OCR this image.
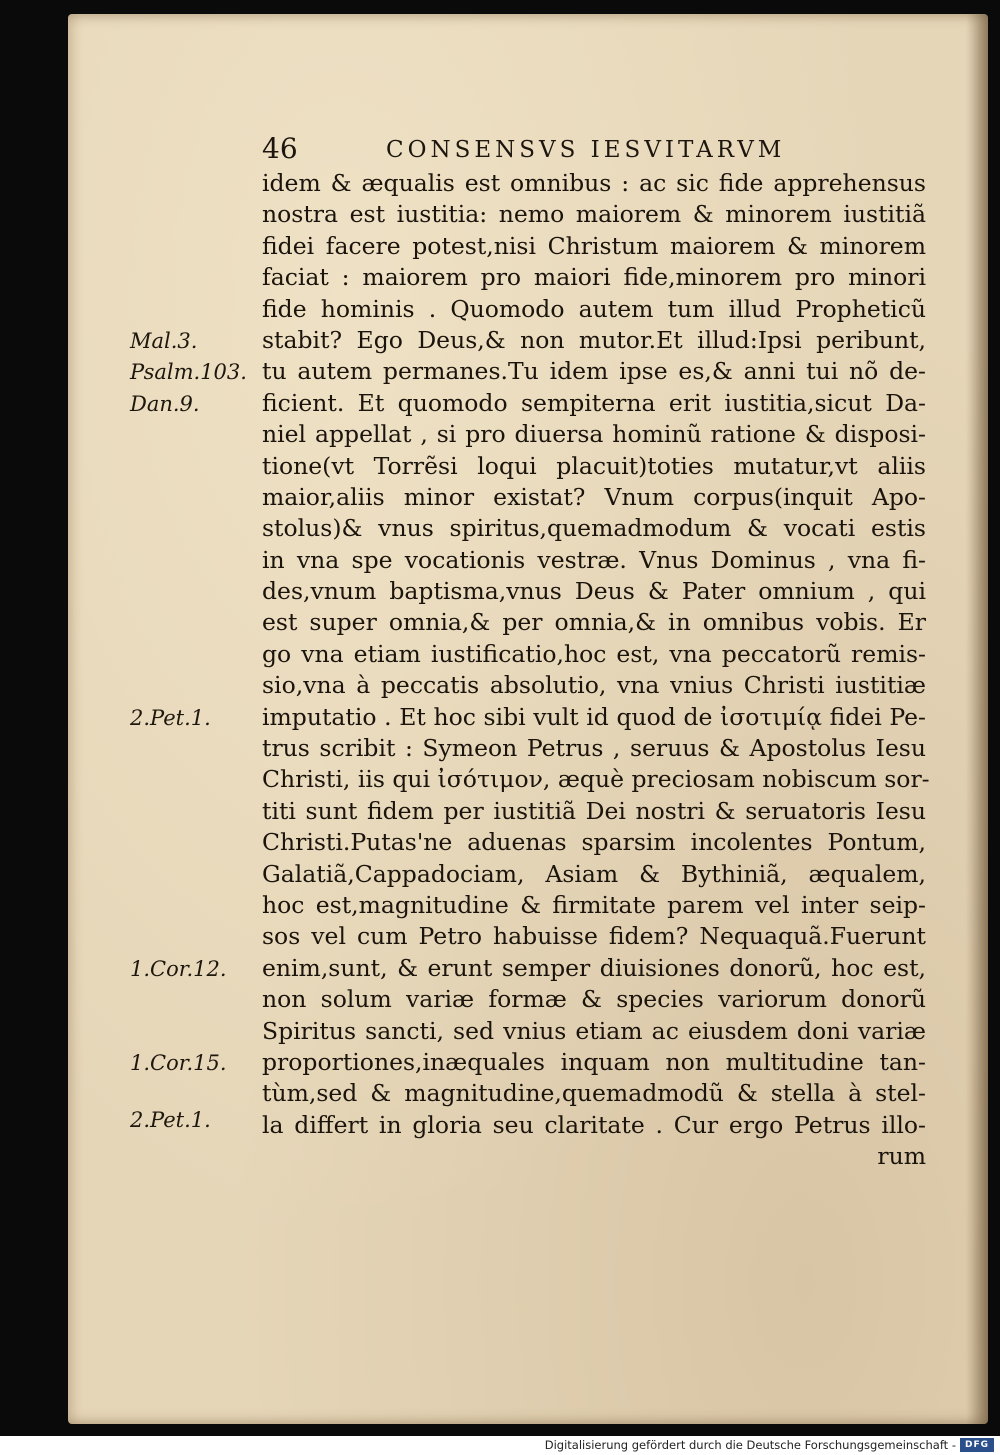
46	CONSENSVS IESVITARVM
idem & æqualis est omnibus : ac sic fide apprehensus
nostra est iustitia: nemo maiorem & minorem iustitiã
fidei facere potest,nisi Christum maiorem & minorem
faciat : maiorem pro maiori fide,minorem pro minori
fide hominis . Quomodo autem tum illud Propheticũ
stabit? Ego Deus,& non mutor.Et illud:Ipsi peribunt,
tu autem permanes.Tu idem ipse es,& anni tui nõ de-
ficient. Et quomodo sempiterna erit iustitia,sicut Da-
niel appellat , si pro diuersa hominũ ratione & disposi-
tione(vt Torrẽsi loqui placuit)toties mutatur,vt aliis
maior,aliis minor existat? Vnum corpus(inquit Apo-
stolus)& vnus spiritus,quemadmodum & vocati estis
in vna spe vocationis vestræ. Vnus Dominus , vna fi-
des,vnum baptisma,vnus Deus & Pater omnium , qui
est super omnia,& per omnia,& in omnibus vobis. Er
go vna etiam iustificatio,hoc est, vna peccatorũ remis-
sio,vna à peccatis absolutio, vna vnius Christi iustitiæ
imputatio . Et hoc sibi vult id quod de ἰσοτιμίᾳ fidei Pe-
trus scribit : Symeon Petrus , seruus & Apostolus Iesu
Christi, iis qui ἰσότιμον, æquè preciosam nobiscum sor-
titi sunt fidem per iustitiã Dei nostri & seruatoris Iesu
Christi.Putas'ne aduenas sparsim incolentes Pontum,
Galatiã,Cappadociam, Asiam & Bythiniã, æqualem,
hoc est,magnitudine & firmitate parem vel inter seip-
sos vel cum Petro habuisse fidem? Nequaquã.Fuerunt
enim,sunt, & erunt semper diuisiones donorũ, hoc est,
non solum variæ formæ & species variorum donorũ
Spiritus sancti, sed vnius etiam ac eiusdem doni variæ
proportiones,inæquales inquam non multitudine tan-
tùm,sed & magnitudine,quemadmodũ & stella à stel-
la differt in gloria seu claritate . Cur ergo Petrus illo-
rum
Mal.3.
Psalm.103.
Dan.9.
2.Pet.1.
1.Cor.12.
1.Cor.15.
2.Pet.1.
Digitalisierung gefördert durch die Deutsche Forschungsgemeinschaft - DFG
